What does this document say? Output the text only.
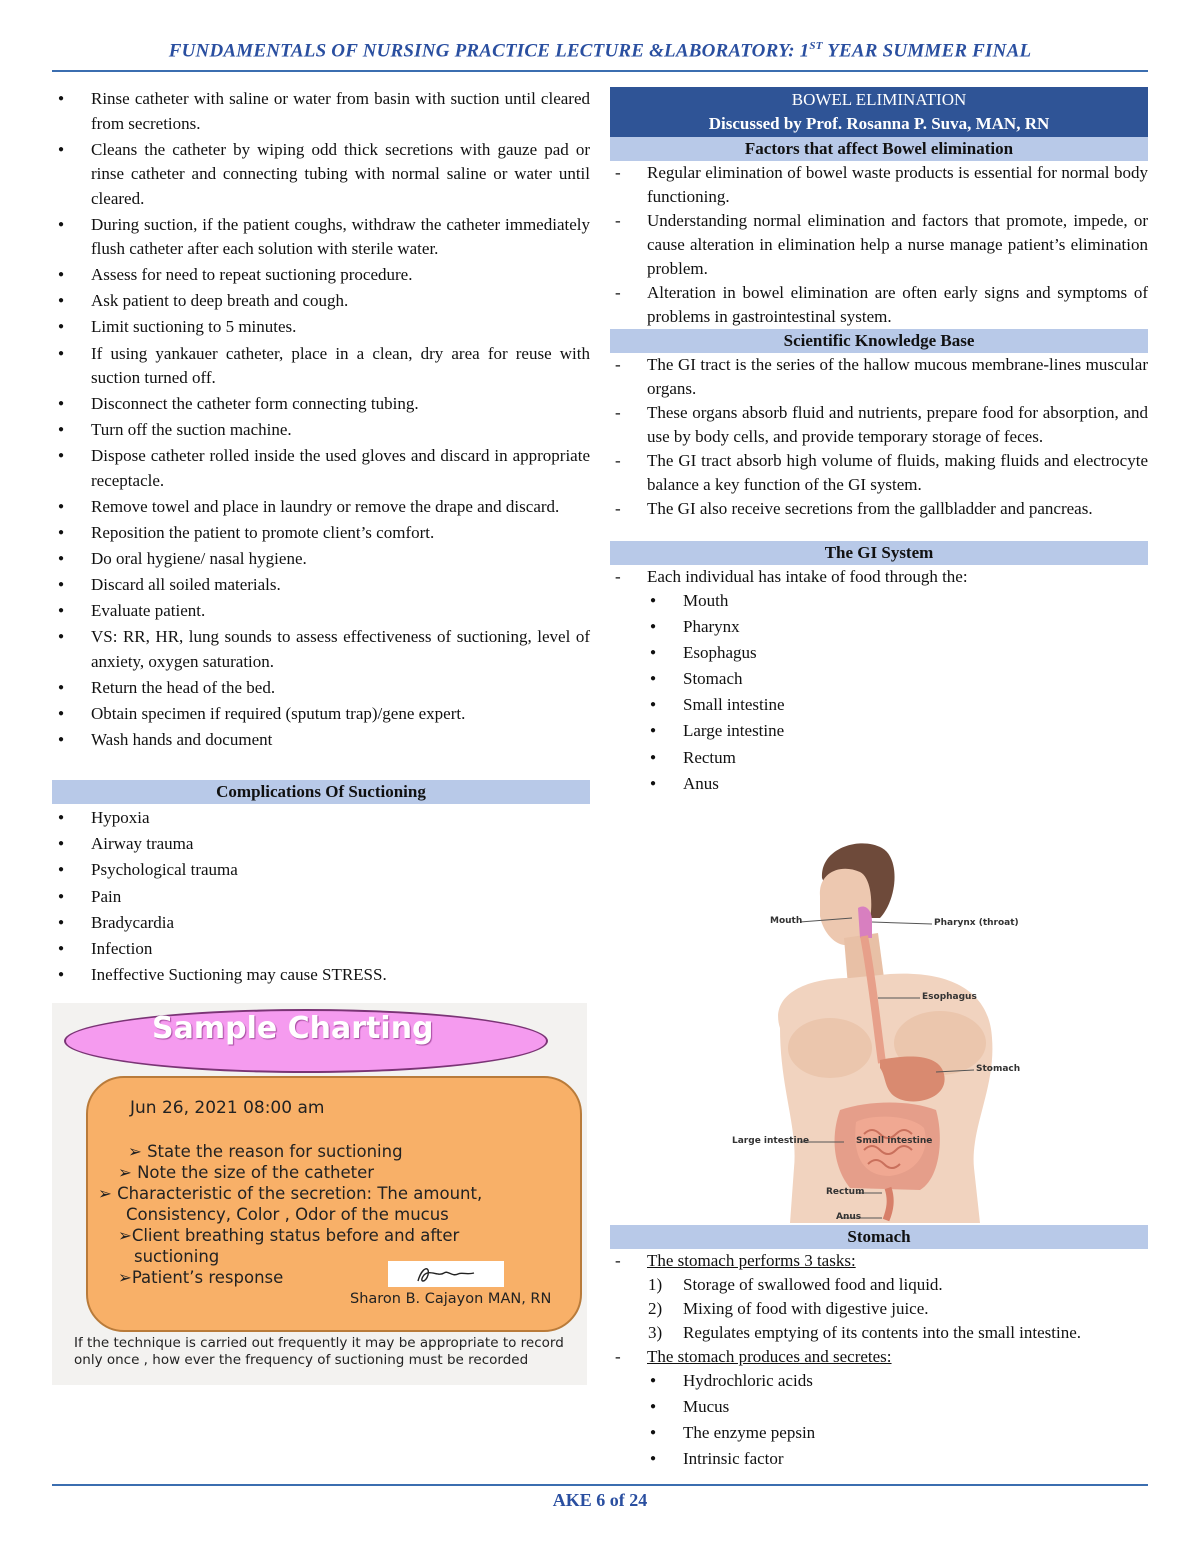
FUNDAMENTALS OF NURSING PRACTICE LECTURE &LABORATORY: 1ST YEAR SUMMER FINAL
● Rinse catheter with saline or water from basin with suction until cleared from secretions.
● Cleans the catheter by wiping odd thick secretions with gauze pad or rinse catheter and connecting tubing with normal saline or water until cleared.
● During suction, if the patient coughs, withdraw the catheter immediately flush catheter after each solution with sterile water.
● Assess for need to repeat suctioning procedure.
● Ask patient to deep breath and cough.
● Limit suctioning to 5 minutes.
● If using yankauer catheter, place in a clean, dry area for reuse with suction turned off.
● Disconnect the catheter form connecting tubing.
● Turn off the suction machine.
● Dispose catheter rolled inside the used gloves and discard in appropriate receptacle.
● Remove towel and place in laundry or remove the drape and discard.
● Reposition the patient to promote client’s comfort.
● Do oral hygiene/ nasal hygiene.
● Discard all soiled materials.
● Evaluate patient.
● VS: RR, HR, lung sounds to assess effectiveness of suctioning, level of anxiety, oxygen saturation.
● Return the head of the bed.
● Obtain specimen if required (sputum trap)/gene expert.
● Wash hands and document
Complications Of Suctioning
● Hypoxia
● Airway trauma
● Psychological trauma
● Pain
● Bradycardia
● Infection
● Ineffective Suctioning may cause STRESS.
Sample Charting
Jun 26, 2021 08:00 am
➢ State the reason for suctioning
➢ Note the size of the catheter
➢ Characteristic of the secretion: The amount,
Consistency, Color , Odor of the mucus
➢Client breathing status before and after
suctioning
➢Patient’s response
Sharon B. Cajayon MAN, RN
If the technique is carried out frequently it may be appropriate to record only once , how ever the frequency of suctioning must be recorded
BOWEL ELIMINATION
Discussed by Prof. Rosanna P. Suva, MAN, RN
Factors that affect Bowel elimination
- Regular elimination of bowel waste products is essential for normal body functioning.
- Understanding normal elimination and factors that promote, impede, or cause alteration in elimination help a nurse manage patient’s elimination problem.
- Alteration in bowel elimination are often early signs and symptoms of problems in gastrointestinal system.
Scientific Knowledge Base
- The GI tract is the series of the hallow mucous membrane-lines muscular organs.
- These organs absorb fluid and nutrients, prepare food for absorption, and use by body cells, and provide temporary storage of feces.
- The GI tract absorb high volume of fluids, making fluids and electrocyte balance a key function of the GI system.
- The GI also receive secretions from the gallbladder and pancreas.
The GI System
- Each individual has intake of food through the:
● Mouth
● Pharynx
● Esophagus
● Stomach
● Small intestine
● Large intestine
● Rectum
● Anus
Mouth	Pharynx (throat)
Esophagus
Stomach
Large intestine	Small intestine
Rectum
Anus
Stomach
- The stomach performs 3 tasks:
1) Storage of swallowed food and liquid.
2) Mixing of food with digestive juice.
3) Regulates emptying of its contents into the small intestine.
- The stomach produces and secretes:
● Hydrochloric acids
● Mucus
● The enzyme pepsin
● Intrinsic factor
AKE 6 of 24
